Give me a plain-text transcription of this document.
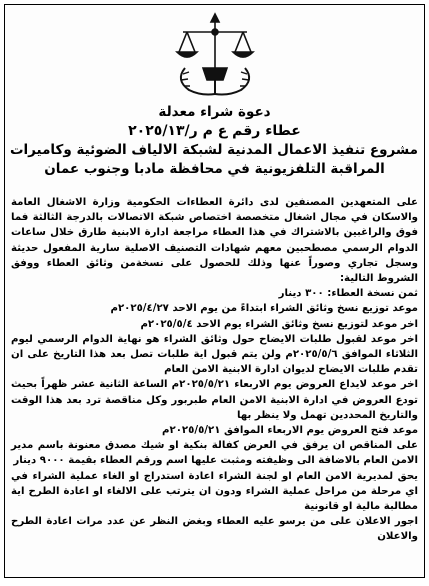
دعوة شراء معدلة
عطاء رقم ع م ر/٢٠٢٥/١٣
مشروع تنفيذ الاعمال المدنية لشبكة الالياف الضوئية وكاميرات
المراقبة التلفزيونية في محافظة مادبا وجنوب عمان

على المتعهدين المصنفين لدى دائرة العطاءات الحكومية وزارة الاشغال العامة والاسكان في مجال اشغال متخصصة اختصاص شبكة الاتصالات بالدرجة الثالثة فما فوق والراغبين بالاشتراك في هذا العطاء مراجعة ادارة الابنية طارق خلال ساعات الدوام الرسمي مصطحبين معهم شهادات التصنيف الاصلية سارية المفعول حديثة وسجل تجاري وصوراً عنها وذلك للحصول على نسخةمن وثائق العطاء ووفق الشروط التالية:

ثمن نسخة العطاء: ٣٠٠ دينار

موعد توزيع نسخ وثائق الشراء ابتداءً من يوم الاحد ٢٠٢٥/٤/٢٧م

اخر موعد لتوزيع نسخ وثائق الشراء يوم الاحد ٢٠٢٥/٥/٤م

اخر موعد لقبول طلبات الايضاح حول وثائق الشراء هو نهاية الدوام الرسمي ليوم الثلاثاء الموافق ٢٠٢٥/٥/٦م ولن يتم قبول اية طلبات تصل بعد هذا التاريخ على ان تقدم طلبات الايضاح لديوان ادارة الابنية الامن العام

اخر موعد لايداع العروض يوم الاربعاء ٢٠٢٥/٥/٢١م الساعة الثانية عشر ظهراً بحيث تودع العروض في ادارة الابنية الامن العام طبربور وكل مناقصة ترد بعد هذا الوقت والتاريخ المحددين تهمل ولا ينظر بها

موعد فتح العروض يوم الاربعاء الموافق ٢٠٢٥/٥/٢١م

على المناقص ان يرفق في العرض كفالة بنكية او شيك مصدق معنونة باسم مدير الامن العام بالاضافة الى وظيفته ومثبت عليها اسم ورقم العطاء بقيمة ٩٠٠٠ دينار

يحق لمديرية الامن العام او لجنة الشراء اعادة استدراج او الغاء عملية الشراء في اي مرحلة من مراحل عملية الشراء ودون ان يترتب على الالغاء او اعادة الطرح اية مطالبة مالية او قانونية

اجور الاعلان على من يرسو عليه العطاء وبغض النظر عن عدد مرات اعادة الطرح والاعلان
